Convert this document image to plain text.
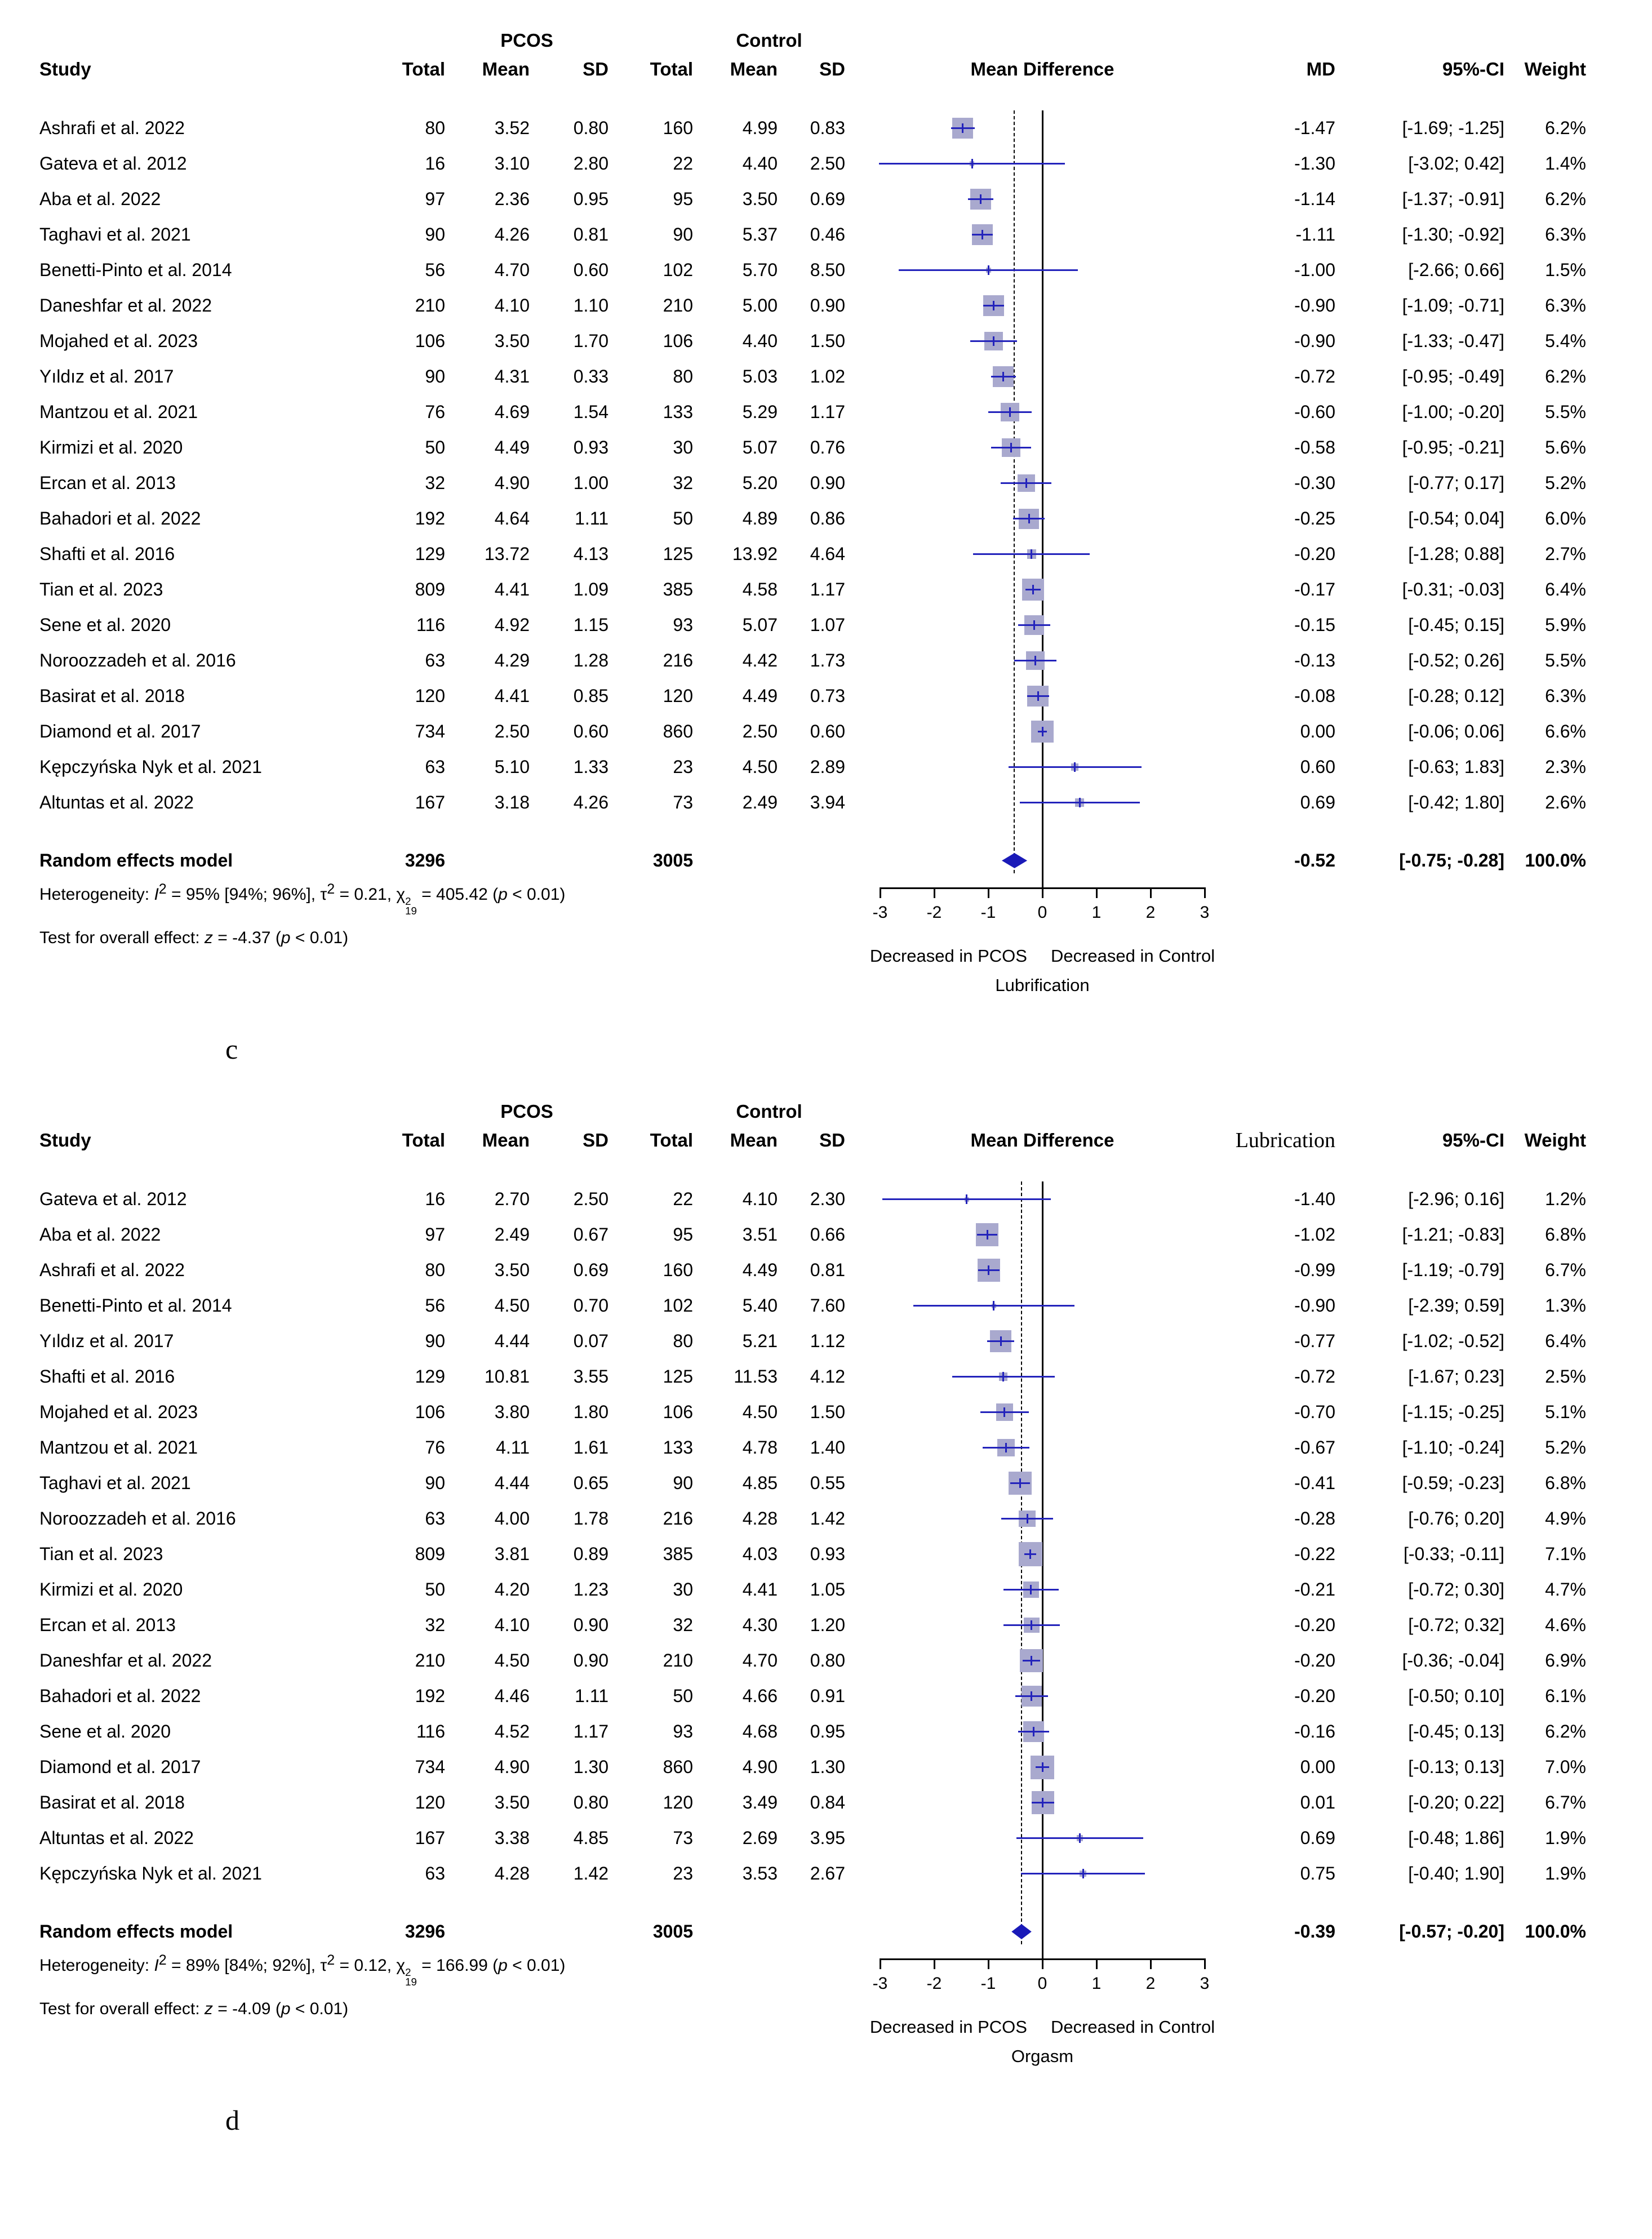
PCOS	Control
Study	Total	Mean	SD	Total	Mean	SD	Mean Difference	MD	95%-CI	Weight
Ashrafi et al. 2022	80	3.52	0.80	160	4.99	0.83	-1.47	[-1.69; -1.25]	6.2%
Gateva et al. 2012	16	3.10	2.80	22	4.40	2.50	-1.30	[-3.02; 0.42]	1.4%
Aba et al. 2022	97	2.36	0.95	95	3.50	0.69	-1.14	[-1.37; -0.91]	6.2%
Taghavi et al. 2021	90	4.26	0.81	90	5.37	0.46	-1.11	[-1.30; -0.92]	6.3%
Benetti-Pinto et al. 2014	56	4.70	0.60	102	5.70	8.50	-1.00	[-2.66; 0.66]	1.5%
Daneshfar et al. 2022	210	4.10	1.10	210	5.00	0.90	-0.90	[-1.09; -0.71]	6.3%
Mojahed et al. 2023	106	3.50	1.70	106	4.40	1.50	-0.90	[-1.33; -0.47]	5.4%
Yıldız et al. 2017	90	4.31	0.33	80	5.03	1.02	-0.72	[-0.95; -0.49]	6.2%
Mantzou et al. 2021	76	4.69	1.54	133	5.29	1.17	-0.60	[-1.00; -0.20]	5.5%
Kirmizi et al. 2020	50	4.49	0.93	30	5.07	0.76	-0.58	[-0.95; -0.21]	5.6%
Ercan et al. 2013	32	4.90	1.00	32	5.20	0.90	-0.30	[-0.77; 0.17]	5.2%
Bahadori et al. 2022	192	4.64	1.11	50	4.89	0.86	-0.25	[-0.54; 0.04]	6.0%
Shafti et al. 2016	129	13.72	4.13	125	13.92	4.64	-0.20	[-1.28; 0.88]	2.7%
Tian et al. 2023	809	4.41	1.09	385	4.58	1.17	-0.17	[-0.31; -0.03]	6.4%
Sene et al. 2020	116	4.92	1.15	93	5.07	1.07	-0.15	[-0.45; 0.15]	5.9%
Noroozzadeh et al. 2016	63	4.29	1.28	216	4.42	1.73	-0.13	[-0.52; 0.26]	5.5%
Basirat et al. 2018	120	4.41	0.85	120	4.49	0.73	-0.08	[-0.28; 0.12]	6.3%
Diamond et al. 2017	734	2.50	0.60	860	2.50	0.60	0.00	[-0.06; 0.06]	6.6%
Kępczyńska Nyk et al. 2021	63	5.10	1.33	23	4.50	2.89	0.60	[-0.63; 1.83]	2.3%
Altuntas et al. 2022	167	3.18	4.26	73	2.49	3.94	0.69	[-0.42; 1.80]	2.6%
Random effects model	3296	3005	-0.52	[-0.75; -0.28]	100.0%
Heterogeneity: $I^2 = 95\%$ [94%; 96%], $\tau^2 = 0.21$, χ 2
19
= 405.42 (p < 0.01)
Test for overall effect: z = -4.37 (p < 0.01)
-3	-2	-1	0	1	2	3
Decreased in PCOS Decreased in Control
Lubrification
c
PCOS	Control
Study	Total	Mean	SD	Total	Mean	SD	Mean Difference	Lubrication	95%-CI	Weight
Gateva et al. 2012	16	2.70	2.50	22	4.10	2.30	-1.40	[-2.96; 0.16]	1.2%
Aba et al. 2022	97	2.49	0.67	95	3.51	0.66	-1.02	[-1.21; -0.83]	6.8%
Ashrafi et al. 2022	80	3.50	0.69	160	4.49	0.81	-0.99	[-1.19; -0.79]	6.7%
Benetti-Pinto et al. 2014	56	4.50	0.70	102	5.40	7.60	-0.90	[-2.39; 0.59]	1.3%
Yıldız et al. 2017	90	4.44	0.07	80	5.21	1.12	-0.77	[-1.02; -0.52]	6.4%
Shafti et al. 2016	129	10.81	3.55	125	11.53	4.12	-0.72	[-1.67; 0.23]	2.5%
Mojahed et al. 2023	106	3.80	1.80	106	4.50	1.50	-0.70	[-1.15; -0.25]	5.1%
Mantzou et al. 2021	76	4.11	1.61	133	4.78	1.40	-0.67	[-1.10; -0.24]	5.2%
Taghavi et al. 2021	90	4.44	0.65	90	4.85	0.55	-0.41	[-0.59; -0.23]	6.8%
Noroozzadeh et al. 2016	63	4.00	1.78	216	4.28	1.42	-0.28	[-0.76; 0.20]	4.9%
Tian et al. 2023	809	3.81	0.89	385	4.03	0.93	-0.22	[-0.33; -0.11]	7.1%
Kirmizi et al. 2020	50	4.20	1.23	30	4.41	1.05	-0.21	[-0.72; 0.30]	4.7%
Ercan et al. 2013	32	4.10	0.90	32	4.30	1.20	-0.20	[-0.72; 0.32]	4.6%
Daneshfar et al. 2022	210	4.50	0.90	210	4.70	0.80	-0.20	[-0.36; -0.04]	6.9%
Bahadori et al. 2022	192	4.46	1.11	50	4.66	0.91	-0.20	[-0.50; 0.10]	6.1%
Sene et al. 2020	116	4.52	1.17	93	4.68	0.95	-0.16	[-0.45; 0.13]	6.2%
Diamond et al. 2017	734	4.90	1.30	860	4.90	1.30	0.00	[-0.13; 0.13]	7.0%
Basirat et al. 2018	120	3.50	0.80	120	3.49	0.84	0.01	[-0.20; 0.22]	6.7%
Altuntas et al. 2022	167	3.38	4.85	73	2.69	3.95	0.69	[-0.48; 1.86]	1.9%
Kępczyńska Nyk et al. 2021	63	4.28	1.42	23	3.53	2.67	0.75	[-0.40; 1.90]	1.9%
Random effects model	3296	3005	-0.39	[-0.57; -0.20]	100.0%
Heterogeneity: $I^2 = 89\%$ [84%; 92%], $\tau^2 = 0.12$, χ 2
19
= 166.99 (p < 0.01)
Test for overall effect: z = -4.09 (p < 0.01)
-3	-2	-1	0	1	2	3
Decreased in PCOS Decreased in Control
Orgasm
d
